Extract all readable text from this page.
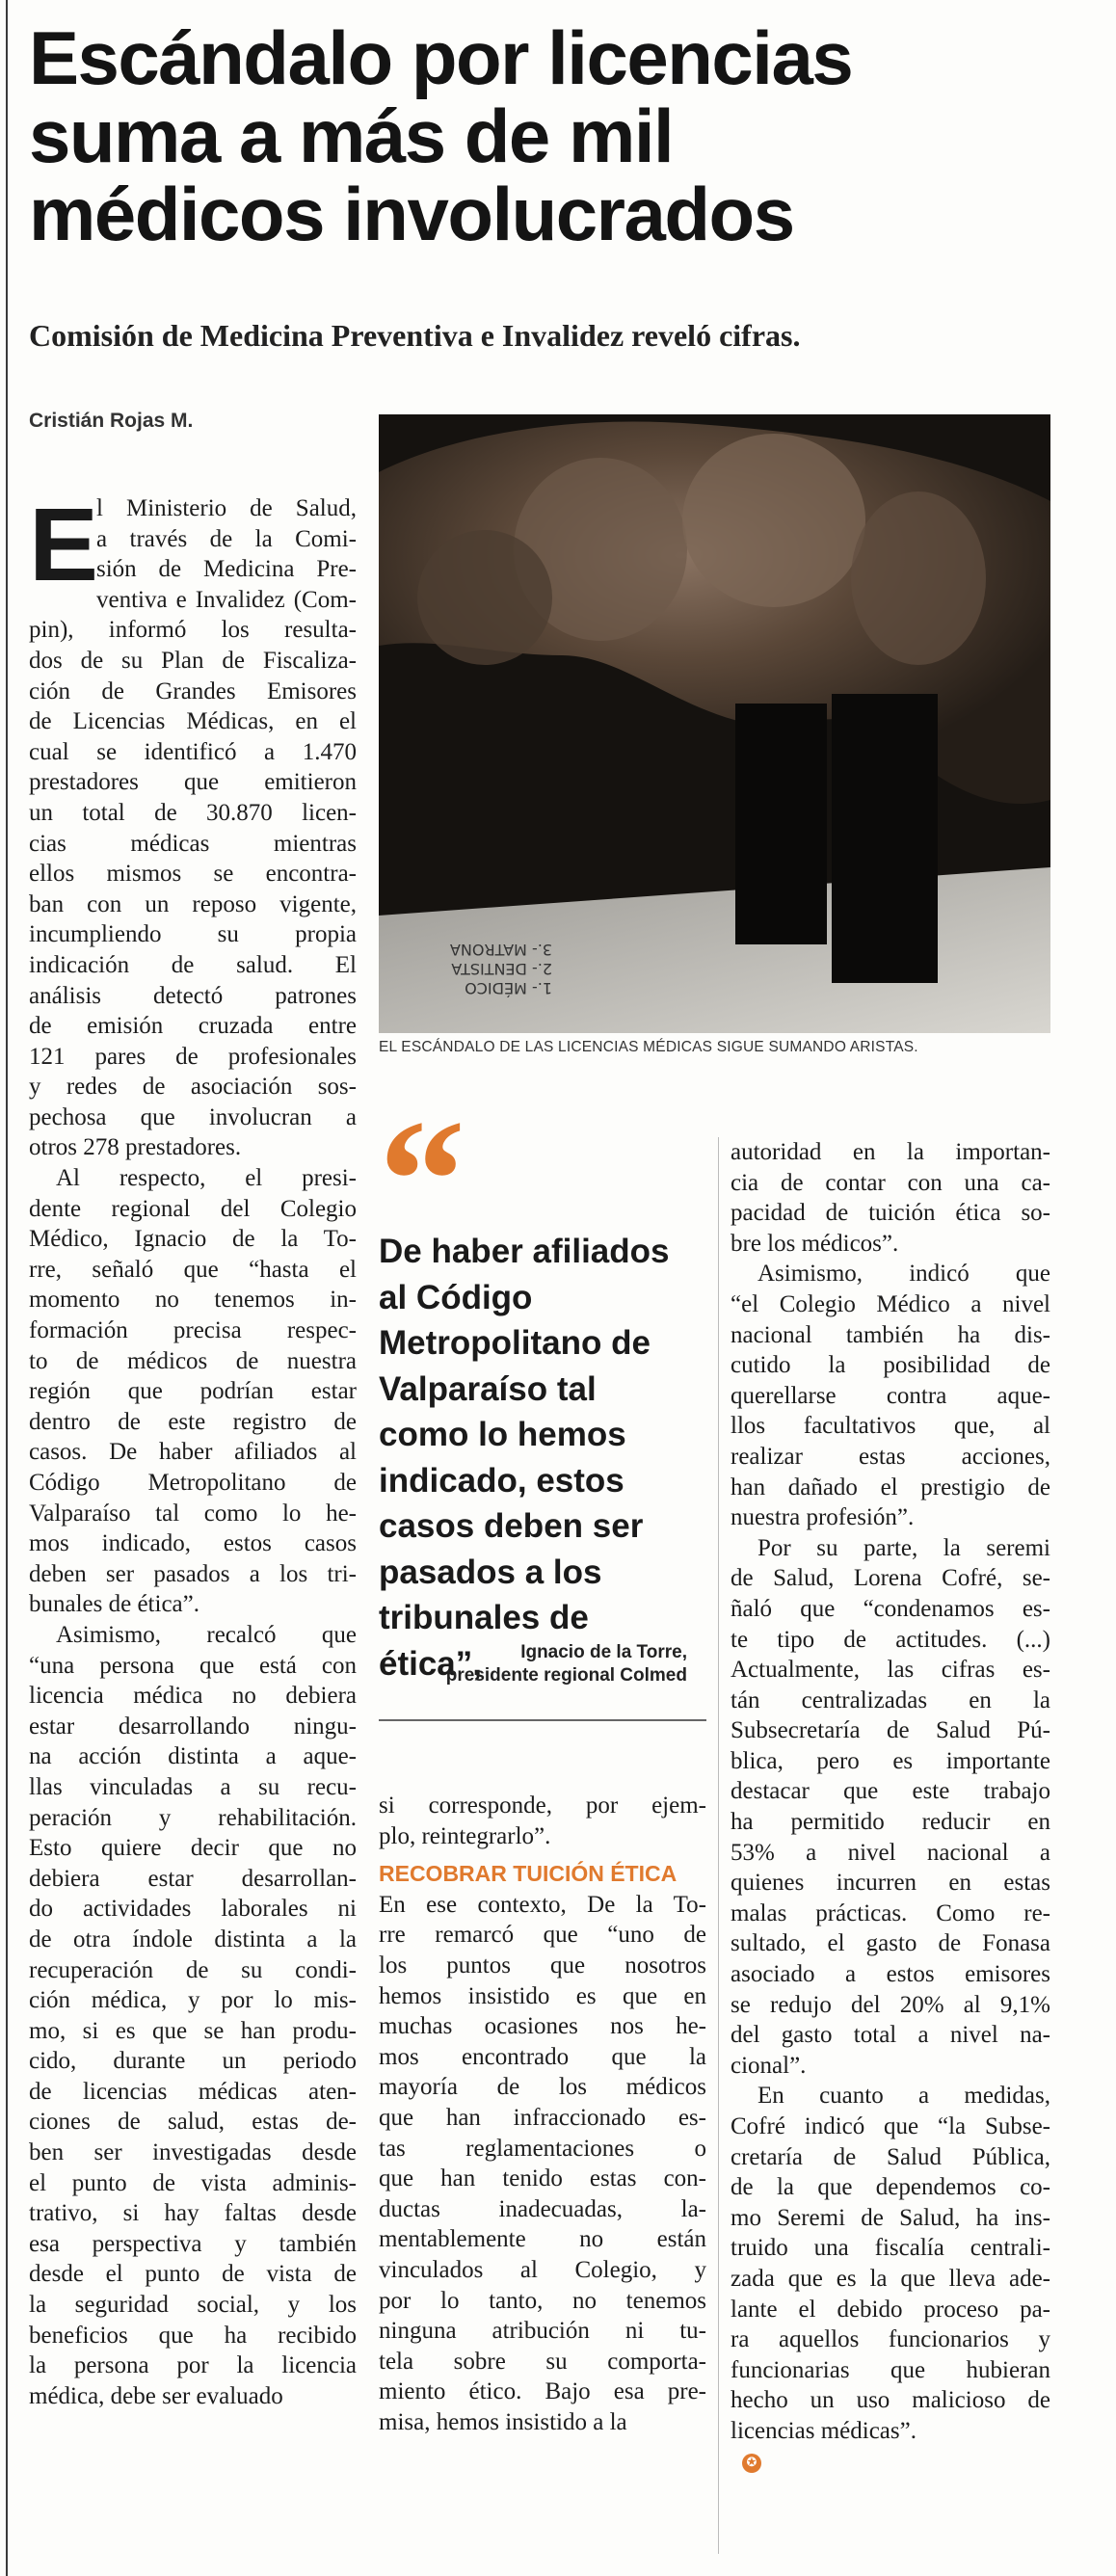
Escándalo por licencias
suma a más de mil
médicos involucrados

Comisión de Medicina Preventiva e Invalidez reveló cifras.

Cristián Rojas M.

E
l Ministerio de Salud,
a través de la Comi-
sión de Medicina Pre-
ventiva e Invalidez (Com-
pin), informó los resulta-
dos de su Plan de Fiscaliza-
ción de Grandes Emisores
de Licencias Médicas, en el
cual se identificó a 1.470
prestadores que emitieron
un total de 30.870 licen-
cias médicas mientras
ellos mismos se encontra-
ban con un reposo vigente,
incumpliendo su propia
indicación de salud. El
análisis detectó patrones
de emisión cruzada entre
121 pares de profesionales
y redes de asociación sos-
pechosa que involucran a
otros 278 prestadores.

Al respecto, el presi-
dente regional del Colegio
Médico, Ignacio de la To-
rre, señaló que “hasta el
momento no tenemos in-
formación precisa respec-
to de médicos de nuestra
región que podrían estar
dentro de este registro de
casos. De haber afiliados al
Código Metropolitano de
Valparaíso tal como lo he-
mos indicado, estos casos
deben ser pasados a los tri-
bunales de ética”.

Asimismo, recalcó que
“una persona que está con
licencia médica no debiera
estar desarrollando ningu-
na acción distinta a aque-
llas vinculadas a su recu-
peración y rehabilitación.
Esto quiere decir que no
debiera estar desarrollan-
do actividades laborales ni
de otra índole distinta a la
recuperación de su condi-
ción médica, y por lo mis-
mo, si es que se han produ-
cido, durante un periodo
de licencias médicas aten-
ciones de salud, estas de-
ben ser investigadas desde
el punto de vista adminis-
trativo, si hay faltas desde
esa perspectiva y también
desde el punto de vista de
la seguridad social, y los
beneficios que ha recibido
la persona por la licencia
médica, debe ser evaluado

1.- MÉDICO
2.- DENTISTA
3.- MATRONA

EL ESCÁNDALO DE LAS LICENCIAS MÉDICAS SIGUE SUMANDO ARISTAS.

“

De haber afiliados
al Código
Metropolitano de
Valparaíso tal
como lo hemos
indicado, estos
casos deben ser
pasados a los
tribunales de
ética”,	Ignacio de la Torre,
presidente regional Colmed

si corresponde, por ejem-
plo, reintegrarlo”.

RECOBRAR TUICIÓN ÉTICA

En ese contexto, De la To-
rre remarcó que “uno de
los puntos que nosotros
hemos insistido es que en
muchas ocasiones nos he-
mos encontrado que la
mayoría de los médicos
que han infraccionado es-
tas reglamentaciones o
que han tenido estas con-
ductas inadecuadas, la-
mentablemente no están
vinculados al Colegio, y
por lo tanto, no tenemos
ninguna atribución ni tu-
tela sobre su comporta-
miento ético. Bajo esa pre-
misa, hemos insistido a la

autoridad en la importan-
cia de contar con una ca-
pacidad de tuición ética so-
bre los médicos”.

Asimismo, indicó que
“el Colegio Médico a nivel
nacional también ha dis-
cutido la posibilidad de
querellarse contra aque-
llos facultativos que, al
realizar estas acciones,
han dañado el prestigio de
nuestra profesión”.

Por su parte, la seremi
de Salud, Lorena Cofré, se-
ñaló que “condenamos es-
te tipo de actitudes. (...)
Actualmente, las cifras es-
tán centralizadas en la
Subsecretaría de Salud Pú-
blica, pero es importante
destacar que este trabajo
ha permitido reducir en
53% a nivel nacional a
quienes incurren en estas
malas prácticas. Como re-
sultado, el gasto de Fonasa
asociado a estos emisores
se redujo del 20% al 9,1%
del gasto total a nivel na-
cional”.

En cuanto a medidas,
Cofré indicó que “la Subse-
cretaría de Salud Pública,
de la que dependemos co-
mo Seremi de Salud, ha ins-
truido una fiscalía centrali-
zada que es la que lleva ade-
lante el debido proceso pa-
ra aquellos funcionarios y
funcionarias que hubieran
hecho un uso malicioso de
licencias médicas”.
✪
